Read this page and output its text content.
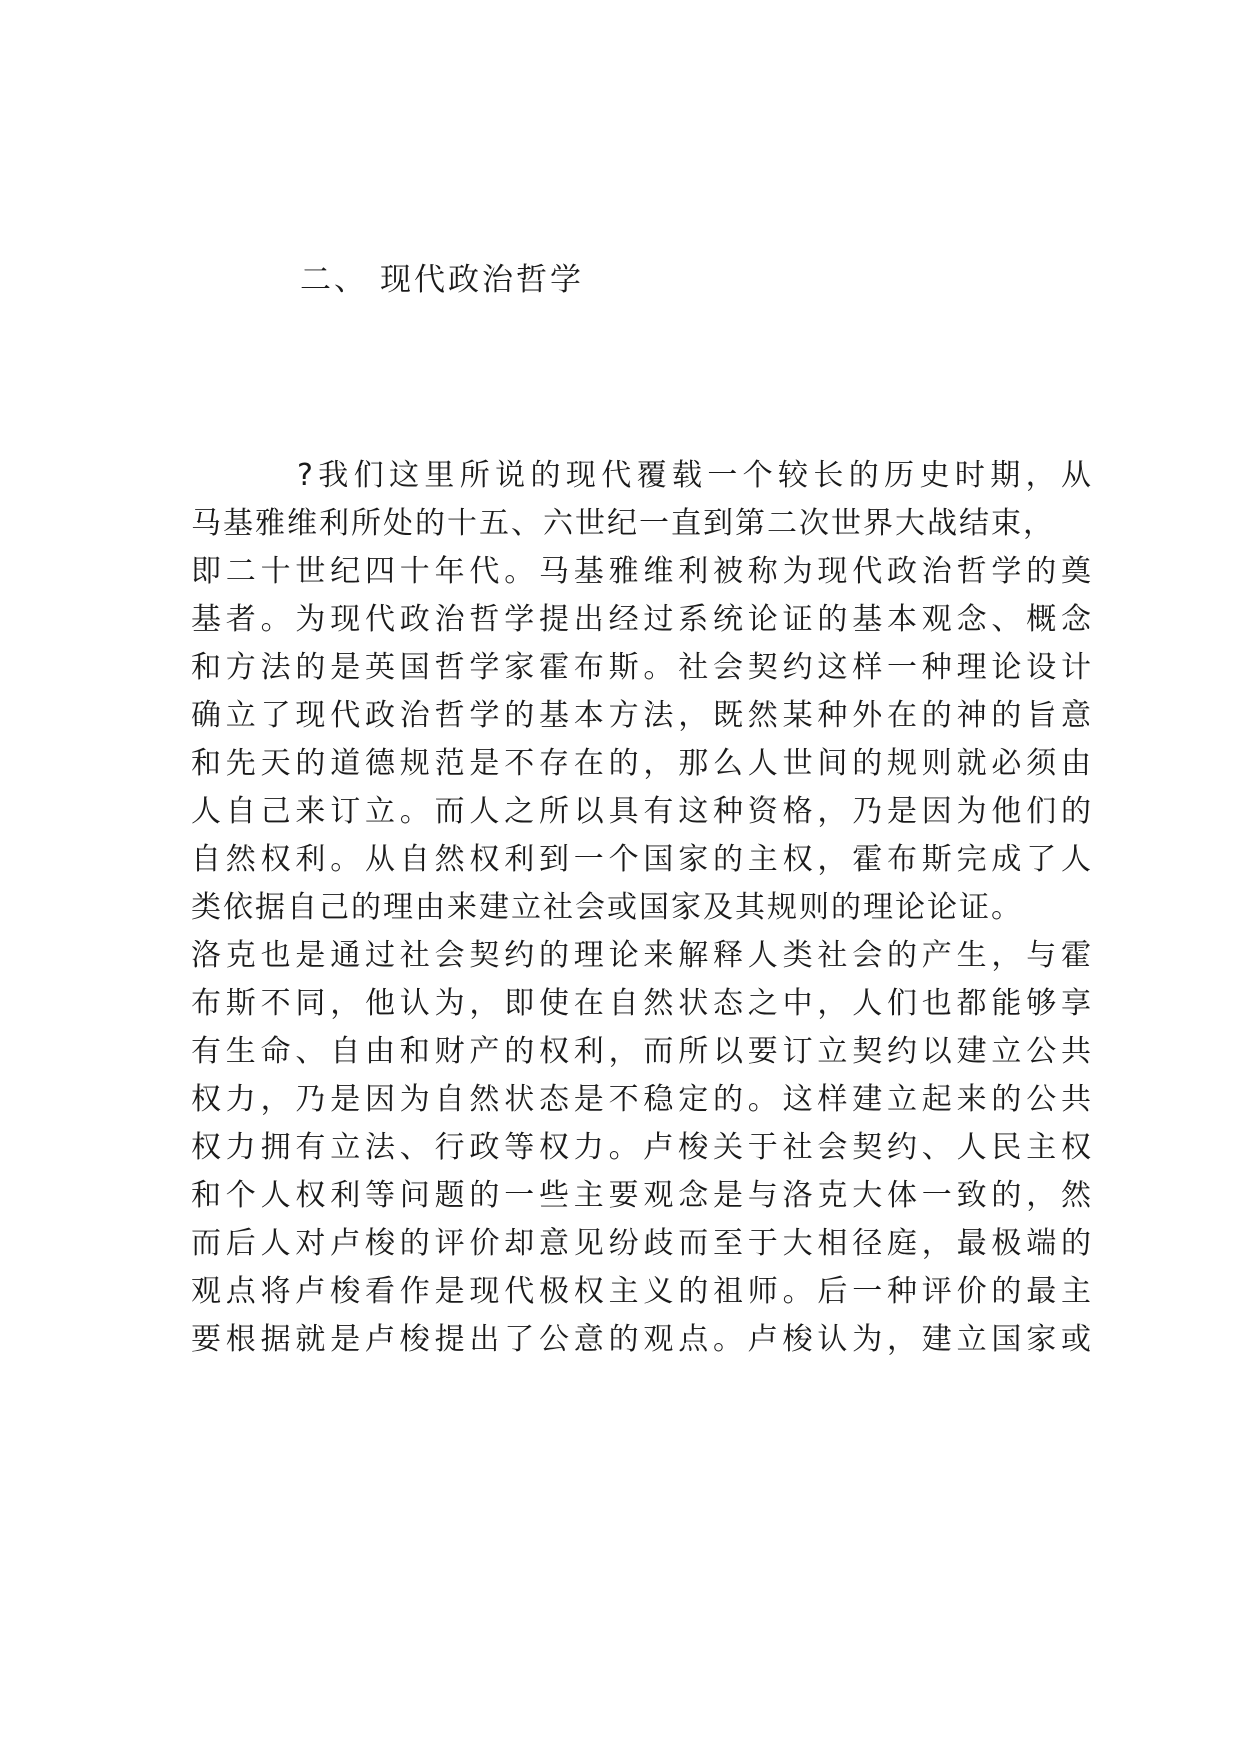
二、 现代政治哲学
?我们这里所说的现代覆载一个较长的历史时期，从
马基雅维利所处的十五、六世纪一直到第二次世界大战结束，
即二十世纪四十年代。马基雅维利被称为现代政治哲学的奠
基者。为现代政治哲学提出经过系统论证的基本观念、概念
和方法的是英国哲学家霍布斯。社会契约这样一种理论设计
确立了现代政治哲学的基本方法，既然某种外在的神的旨意
和先天的道德规范是不存在的，那么人世间的规则就必须由
人自己来订立。而人之所以具有这种资格，乃是因为他们的
自然权利。从自然权利到一个国家的主权，霍布斯完成了人
类依据自己的理由来建立社会或国家及其规则的理论论证。
洛克也是通过社会契约的理论来解释人类社会的产生，与霍
布斯不同，他认为，即使在自然状态之中，人们也都能够享
有生命、自由和财产的权利，而所以要订立契约以建立公共
权力，乃是因为自然状态是不稳定的。这样建立起来的公共
权力拥有立法、行政等权力。卢梭关于社会契约、人民主权
和个人权利等问题的一些主要观念是与洛克大体一致的，然
而后人对卢梭的评价却意见纷歧而至于大相径庭，最极端的
观点将卢梭看作是现代极权主义的祖师。后一种评价的最主
要根据就是卢梭提出了公意的观点。卢梭认为，建立国家或
